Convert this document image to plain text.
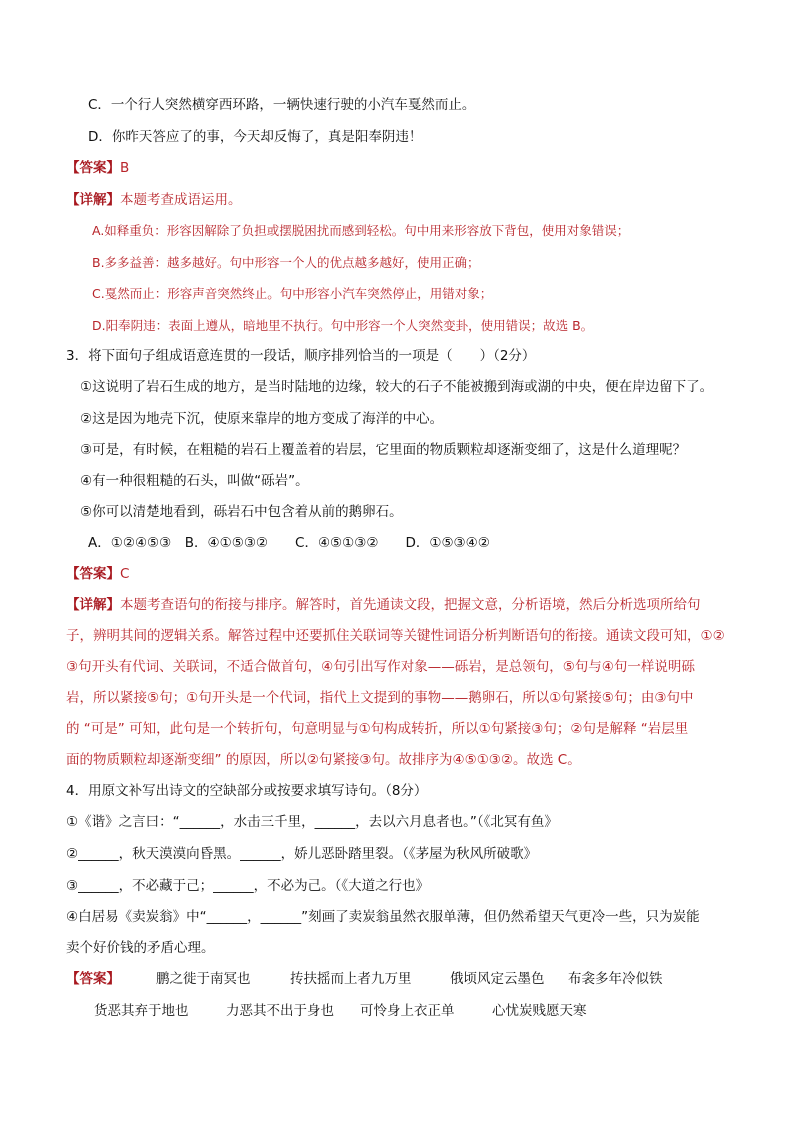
C．一个行人突然横穿西环路，一辆快速行驶的小汽车戛然而止。
D．你昨天答应了的事，今天却反悔了，真是阳奉阴违！
【答案】B
【详解】本题考查成语运用。
A.如释重负：形容因解除了负担或摆脱困扰而感到轻松。句中用来形容放下背包，使用对象错误；
B.多多益善：越多越好。句中形容一个人的优点越多越好，使用正确；
C.戛然而止：形容声音突然终止。句中形容小汽车突然停止，用错对象；
D.阳奉阴违：表面上遵从，暗地里不执行。句中形容一个人突然变卦，使用错误；故选 B。
3．将下面句子组成语意连贯的一段话，顺序排列恰当的一项是（　　）（2分）
①这说明了岩石生成的地方，是当时陆地的边缘，较大的石子不能被搬到海或湖的中央，便在岸边留下了。
②这是因为地壳下沉，使原来靠岸的地方变成了海洋的中心。
③可是，有时候，在粗糙的岩石上覆盖着的岩层，它里面的物质颗粒却逐渐变细了，这是什么道理呢？
④有一种很粗糙的石头，叫做“砾岩”。
⑤你可以清楚地看到，砾岩石中包含着从前的鹅卵石。
A．①②④⑤③　B．④①⑤③②　　C．④⑤①③②　　D．①⑤③④②
【答案】C
【详解】本题考查语句的衔接与排序。解答时，首先通读文段，把握文意，分析语境，然后分析选项所给句
子，辨明其间的逻辑关系。解答过程中还要抓住关联词等关键性词语分析判断语句的衔接。通读文段可知，①②
③句开头有代词、关联词，不适合做首句，④句引出写作对象——砾岩，是总领句，⑤句与④句一样说明砾
岩，所以紧接⑤句；①句开头是一个代词，指代上文提到的事物——鹅卵石，所以①句紧接⑤句；由③句中
的 “可是” 可知，此句是一个转折句，句意明显与①句构成转折，所以①句紧接③句；②句是解释 “岩层里
面的物质颗粒却逐渐变细” 的原因，所以②句紧接③句。故排序为④⑤①③②。故选 C。
4．用原文补写出诗文的空缺部分或按要求填写诗句。（8分）
①《谐》之言曰：“______，水击三千里，______，去以六月息者也。”（《北冥有鱼》
②______，秋天漠漠向昏黑。______，娇儿恶卧踏里裂。（《茅屋为秋风所破歌》
③______，不必藏于己；______，不必为己。（《大道之行也》
④白居易《卖炭翁》中“______，______”刻画了卖炭翁虽然衣服单薄，但仍然希望天气更冷一些，只为炭能
卖个好价钱的矛盾心理。
【答案】	鹏之徙于南冥也	抟扶摇而上者九万里	俄顷风定云墨色 布衾多年冷似铁
货恶其弃于地也	力恶其不出于身也 可怜身上衣正单	心忧炭贱愿天寒
